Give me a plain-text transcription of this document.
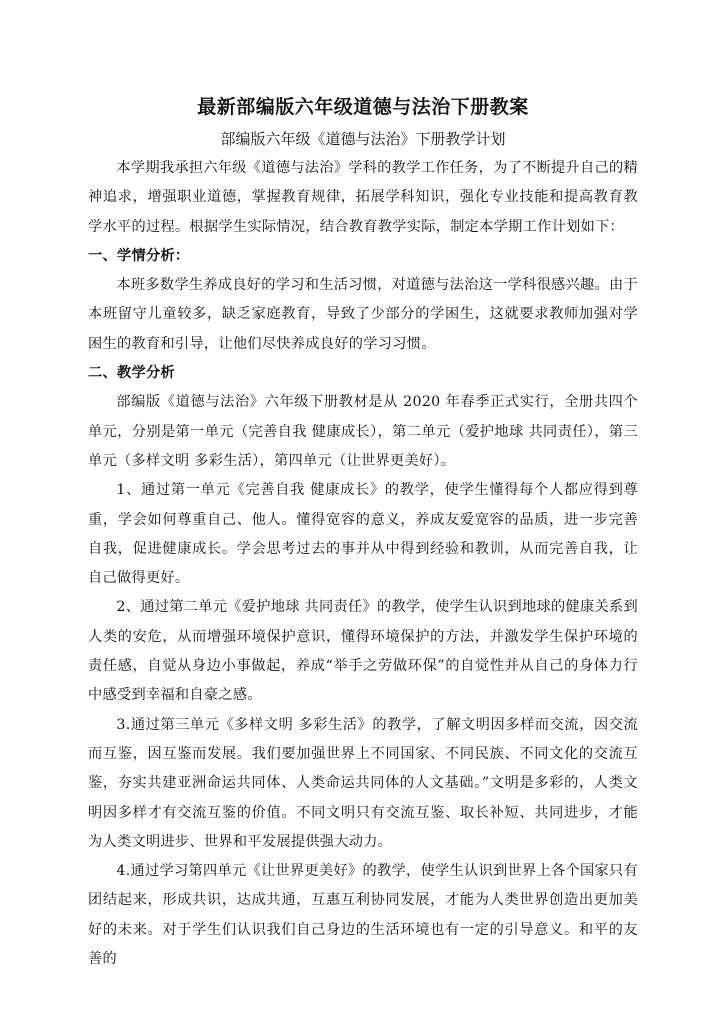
最新部编版六年级道德与法治下册教案
部编版六年级《道德与法治》下册教学计划

本学期我承担六年级《道德与法治》学科的教学工作任务，为了不断提升自己的精神追求，增强职业道德，掌握教育规律，拓展学科知识，强化专业技能和提高教育教学水平的过程。根据学生实际情况，结合教育教学实际，制定本学期工作计划如下：

一、学情分析：

本班多数学生养成良好的学习和生活习惯，对道德与法治这一学科很感兴趣。由于本班留守儿童较多，缺乏家庭教育，导致了少部分的学困生，这就要求教师加强对学困生的教育和引导，让他们尽快养成良好的学习习惯。

二、教学分析

部编版《道德与法治》六年级下册教材是从 2020 年春季正式实行，全册共四个单元，分别是第一单元（完善自我 健康成长），第二单元（爱护地球 共同责任），第三单元（多样文明 多彩生活），第四单元（让世界更美好）。

1、通过第一单元《完善自我 健康成长》的教学，使学生懂得每个人都应得到尊重，学会如何尊重自己、他人。懂得宽容的意义，养成友爱宽容的品质，进一步完善自我，促进健康成长。学会思考过去的事并从中得到经验和教训，从而完善自我，让自己做得更好。

2、通过第二单元《爱护地球 共同责任》的教学，使学生认识到地球的健康关系到人类的安危，从而增强环境保护意识，懂得环境保护的方法，并激发学生保护环境的责任感，自觉从身边小事做起，养成“举手之劳做环保”的自觉性并从自己的身体力行中感受到幸福和自豪之感。

3.通过第三单元《多样文明 多彩生活》的教学，了解文明因多样而交流，因交流而互鉴，因互鉴而发展。我们要加强世界上不同国家、不同民族、不同文化的交流互鉴，夯实共建亚洲命运共同体、人类命运共同体的人文基础。”文明是多彩的，人类文明因多样才有交流互鉴的价值。不同文明只有交流互鉴、取长补短、共同进步，才能为人类文明进步、世界和平发展提供强大动力。

4.通过学习第四单元《让世界更美好》的教学，使学生认识到世界上各个国家只有团结起来，形成共识，达成共通，互惠互利协同发展，才能为人类世界创造出更加美好的未来。对于学生们认识我们自己身边的生活环境也有一定的引导意义。和平的友善的
